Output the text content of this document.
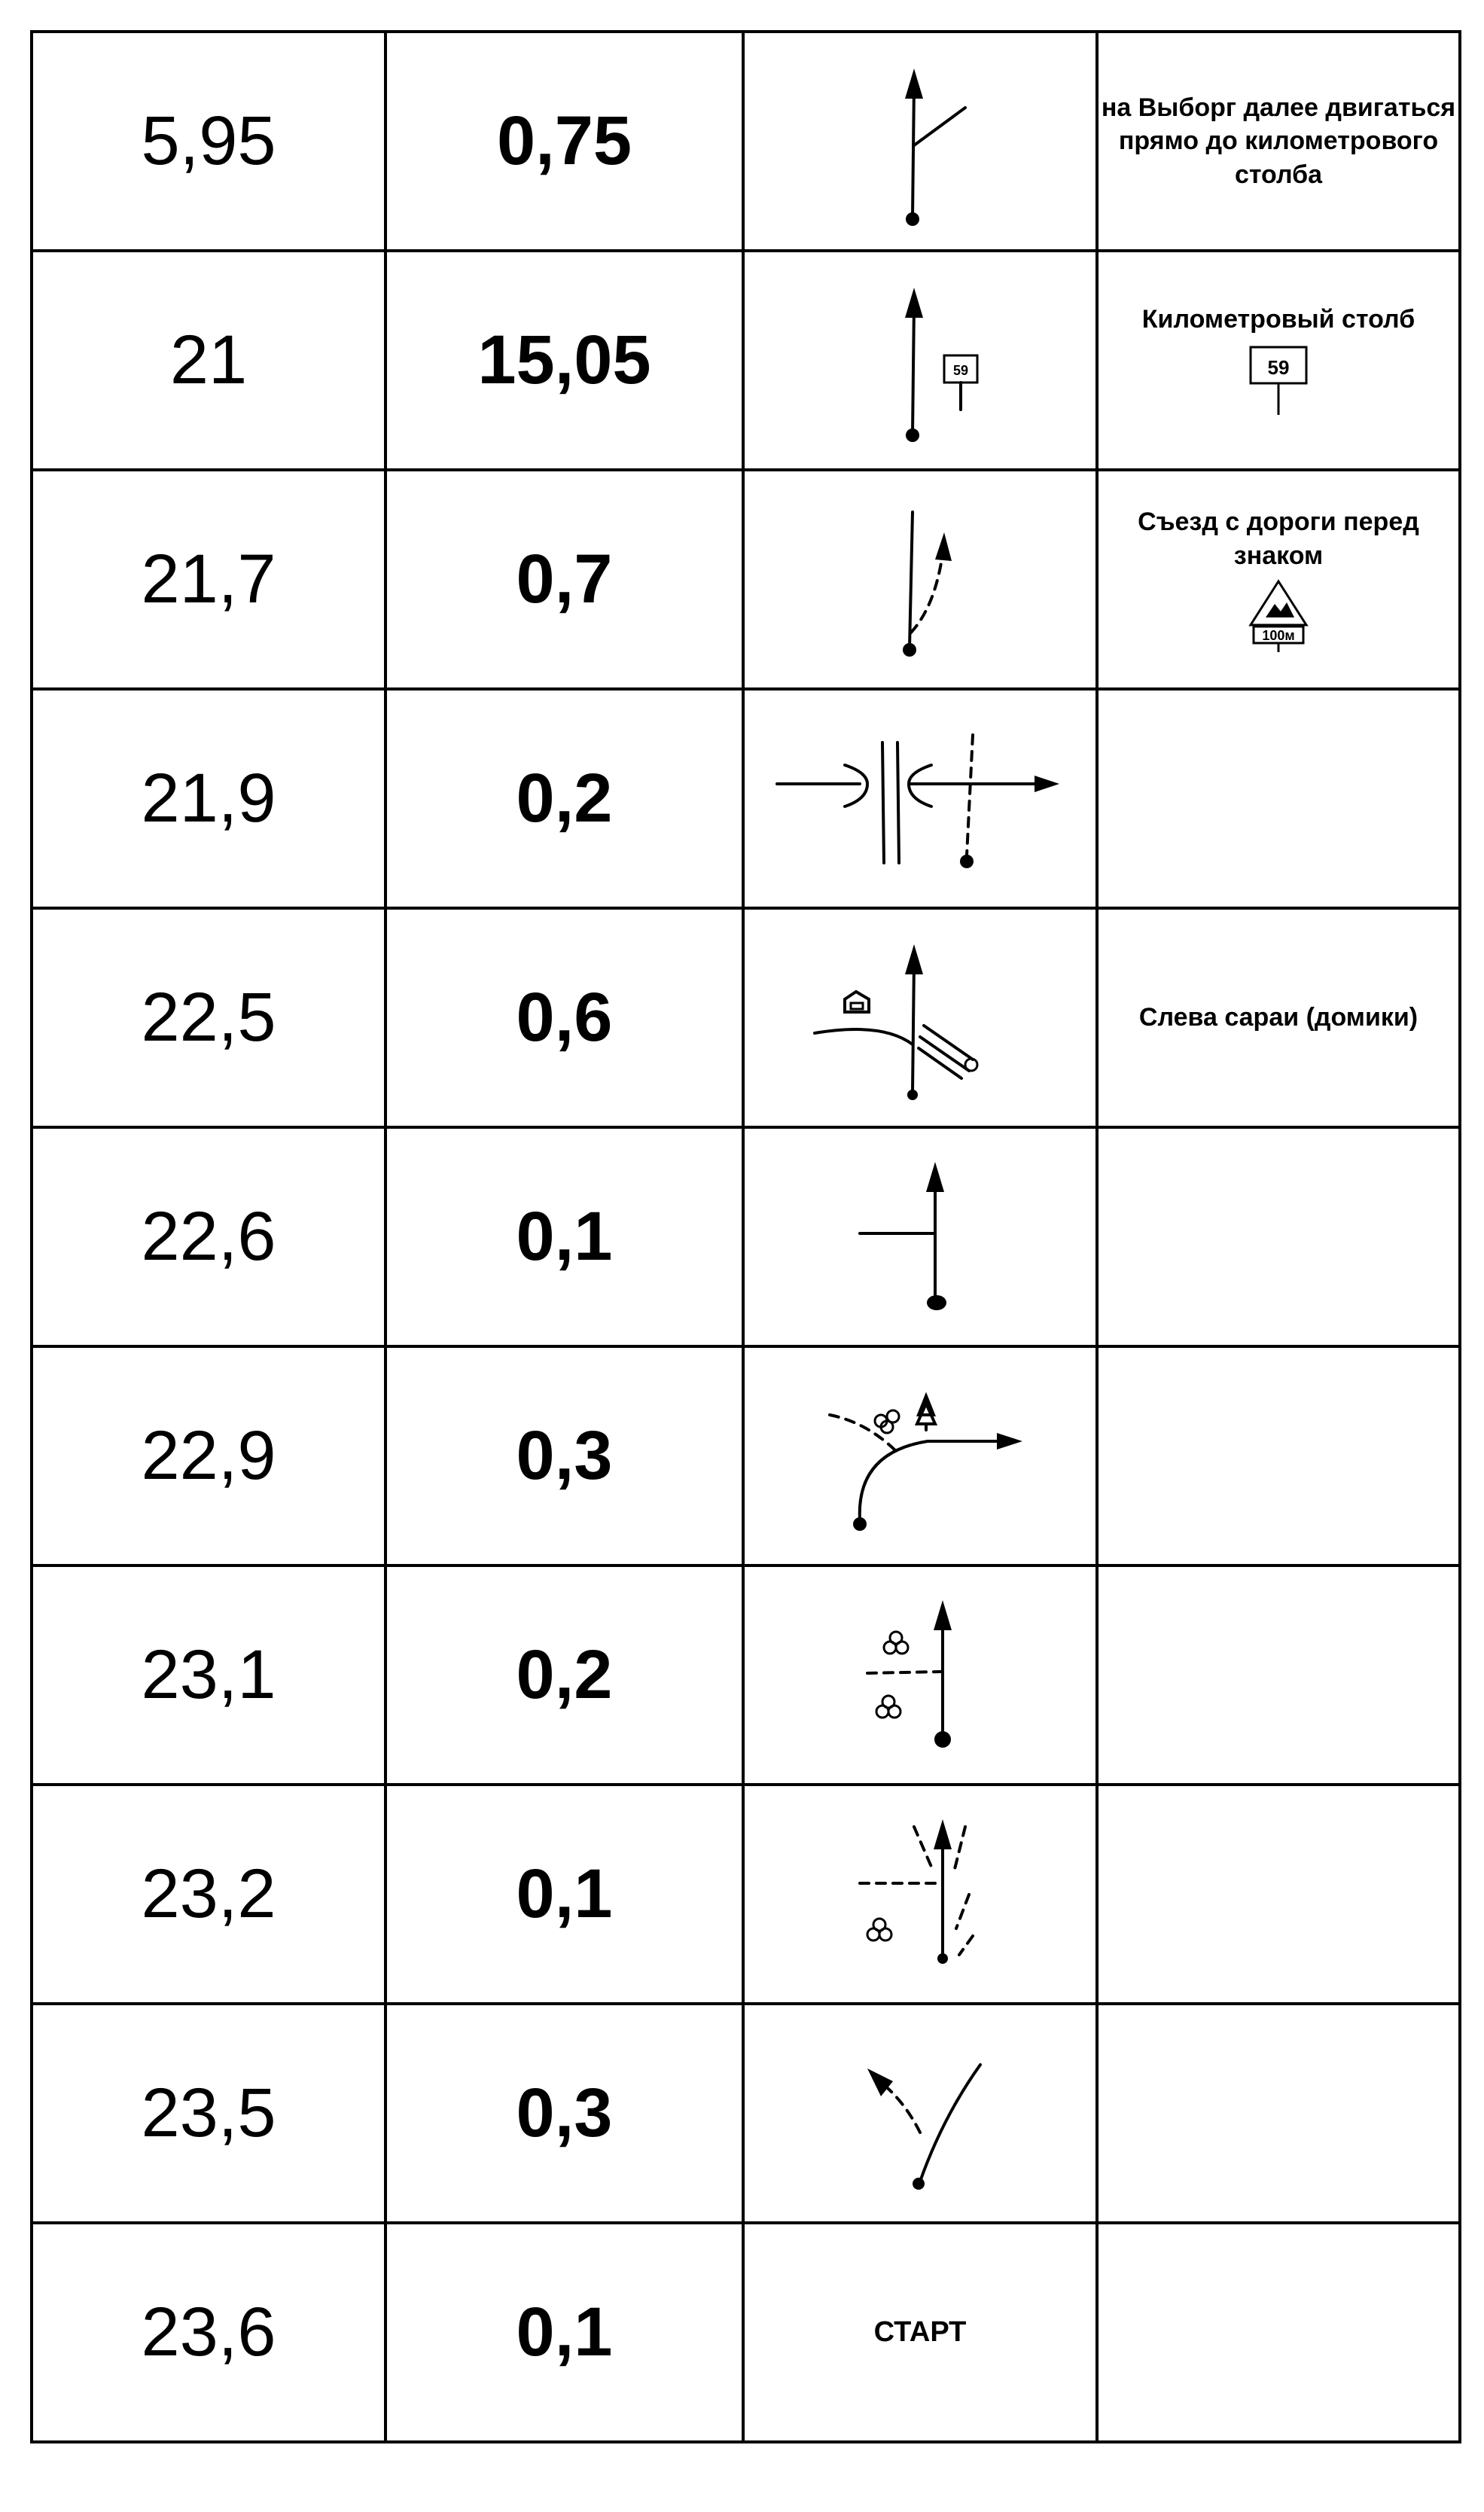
5,95	0,75		на Выборг далее двигаться прямо до километрового столба
21	15,05	59	Километровый столб
59

21,7	0,7		Съезд с дороги перед знаком
100м

21,9	0,2	

22,5	0,6		Слева сараи (домики)
22,6	0,1	

22,9	0,3	

23,1	0,2	

23,2	0,1	

23,5	0,3	

23,6	0,1	СТАРТ	
